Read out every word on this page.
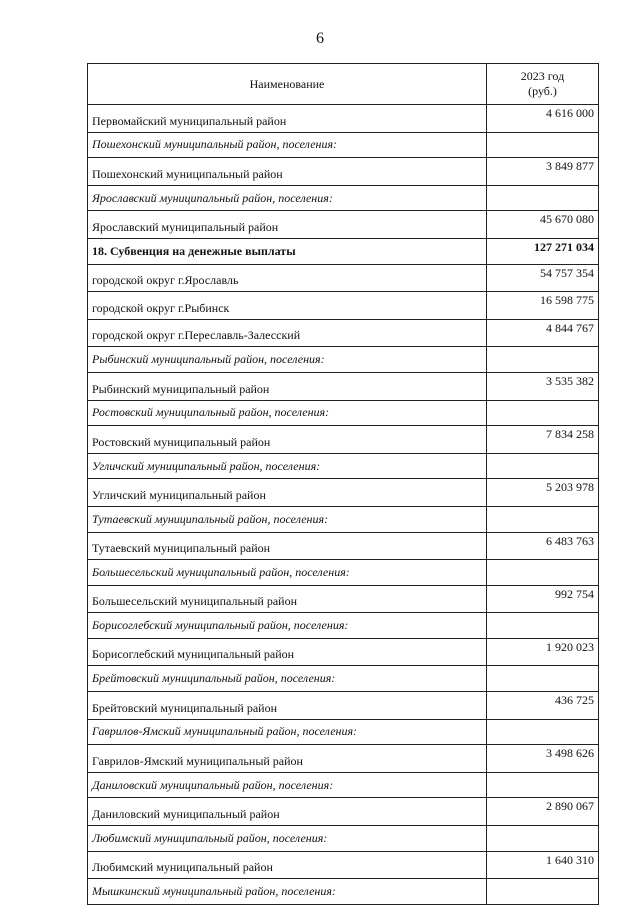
6
Наименование	2023 год
(руб.)

Первомайский муниципальный район	4 616 000
Пошехонский муниципальный район, поселения:	
Пошехонский муниципальный район	3 849 877
Ярославский муниципальный район, поселения:	
Ярославский муниципальный район	45 670 080
18. Субвенция на денежные выплаты	127 271 034
городской округ г.Ярославль	54 757 354
городской округ г.Рыбинск	16 598 775
городской округ г.Переславль-Залесский	4 844 767
Рыбинский муниципальный район, поселения:	
Рыбинский муниципальный район	3 535 382
Ростовский муниципальный район, поселения:	
Ростовский муниципальный район	7 834 258
Угличский муниципальный район, поселения:	
Угличский муниципальный район	5 203 978
Тутаевский муниципальный район, поселения:	
Тутаевский муниципальный район	6 483 763
Большесельский муниципальный район, поселения:	
Большесельский муниципальный район	992 754
Борисоглебский муниципальный район, поселения:	
Борисоглебский муниципальный район	1 920 023
Брейтовский муниципальный район, поселения:	
Брейтовский муниципальный район	436 725
Гаврилов-Ямский муниципальный район, поселения:	
Гаврилов-Ямский муниципальный район	3 498 626
Даниловский муниципальный район, поселения:	
Даниловский муниципальный район	2 890 067
Любимский муниципальный район, поселения:	
Любимский муниципальный район	1 640 310
Мышкинский муниципальный район, поселения:	
